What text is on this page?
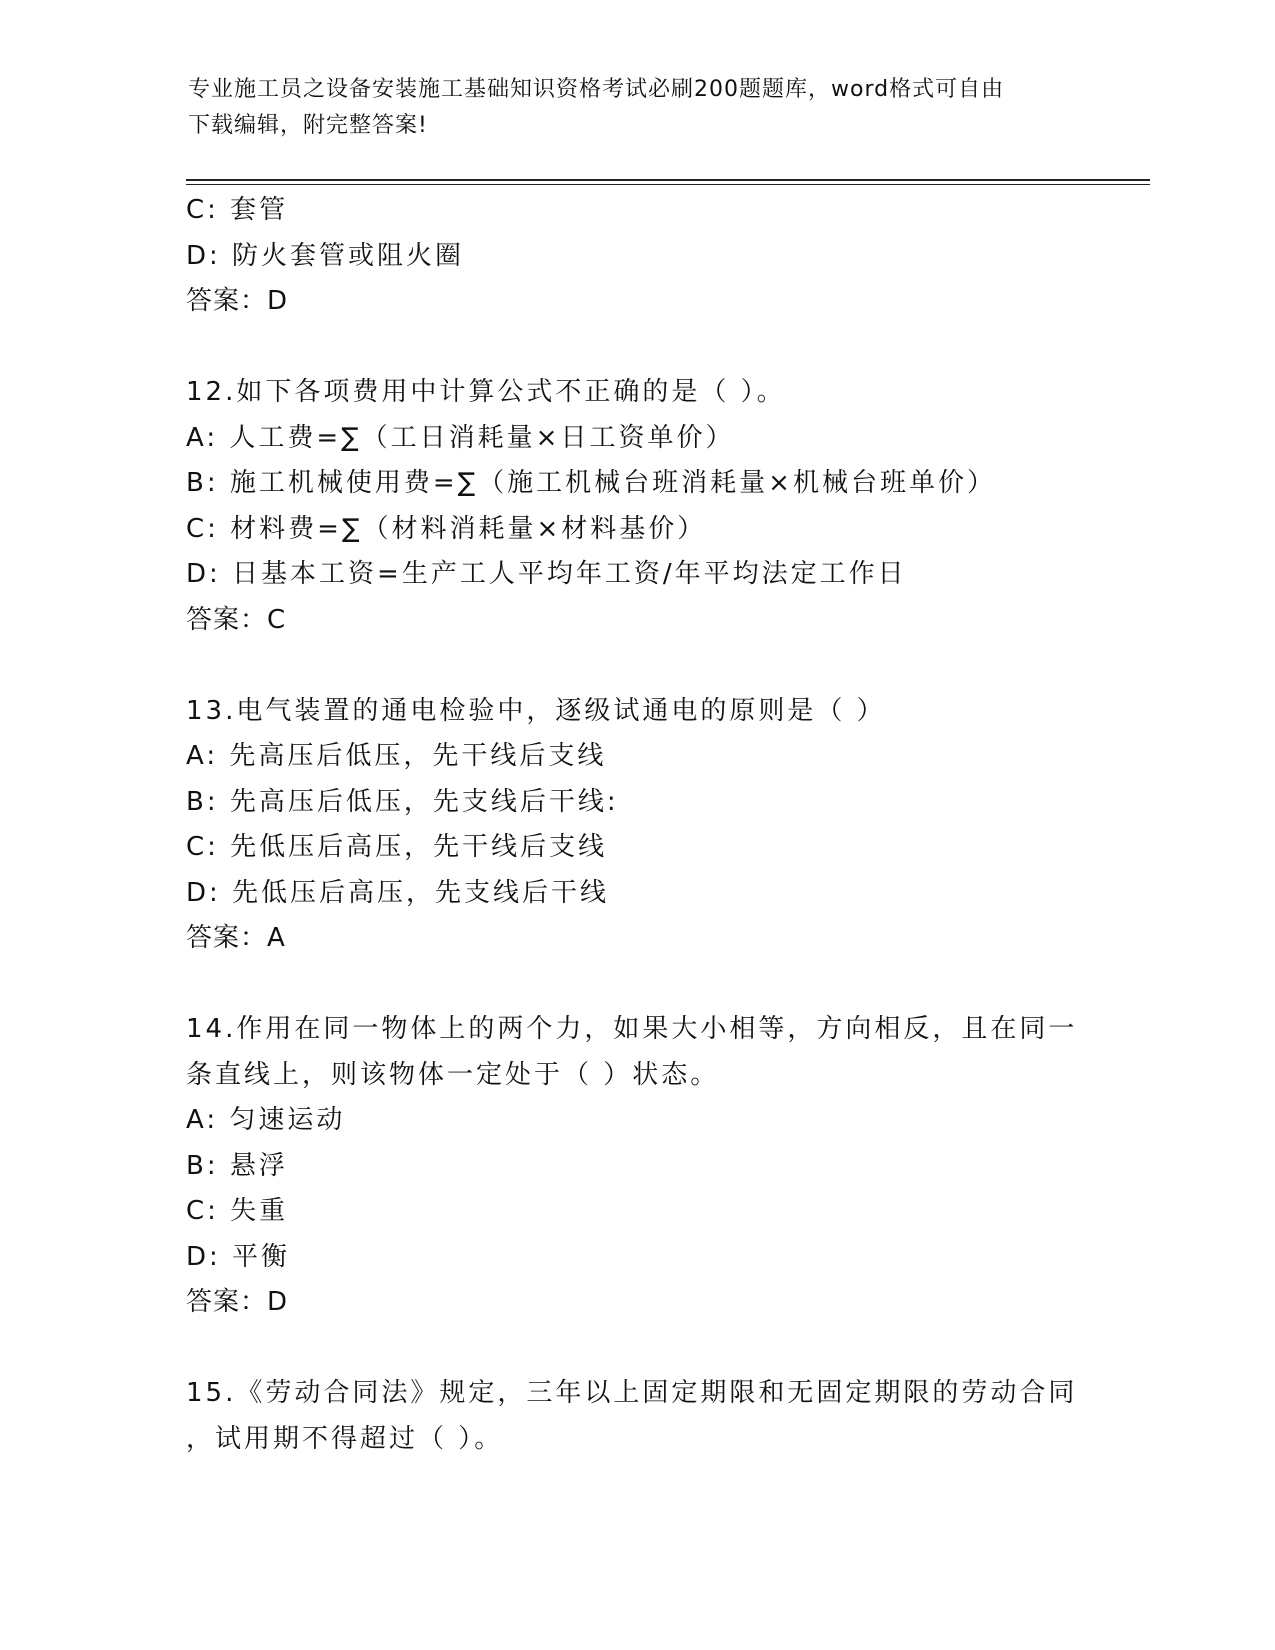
专业施工员之设备安装施工基础知识资格考试必刷200题题库，word格式可自由
下载编辑，附完整答案!
C: 套管
D: 防火套管或阻火圈
答案：D
12.如下各项费用中计算公式不正确的是（ ）。
A: 人工费=∑（工日消耗量×日工资单价）
B: 施工机械使用费=∑（施工机械台班消耗量×机械台班单价）
C: 材料费=∑（材料消耗量×材料基价）
D: 日基本工资=生产工人平均年工资/年平均法定工作日
答案：C
13.电气装置的通电检验中，逐级试通电的原则是（ ）
A: 先高压后低压，先干线后支线
B: 先高压后低压，先支线后干线:
C: 先低压后高压，先干线后支线
D: 先低压后高压，先支线后干线
答案：A
14.作用在同一物体上的两个力，如果大小相等，方向相反，且在同一
条直线上，则该物体一定处于（ ）状态。
A: 匀速运动
B: 悬浮
C: 失重
D: 平衡
答案：D
15.《劳动合同法》规定，三年以上固定期限和无固定期限的劳动合同
，试用期不得超过（ ）。
